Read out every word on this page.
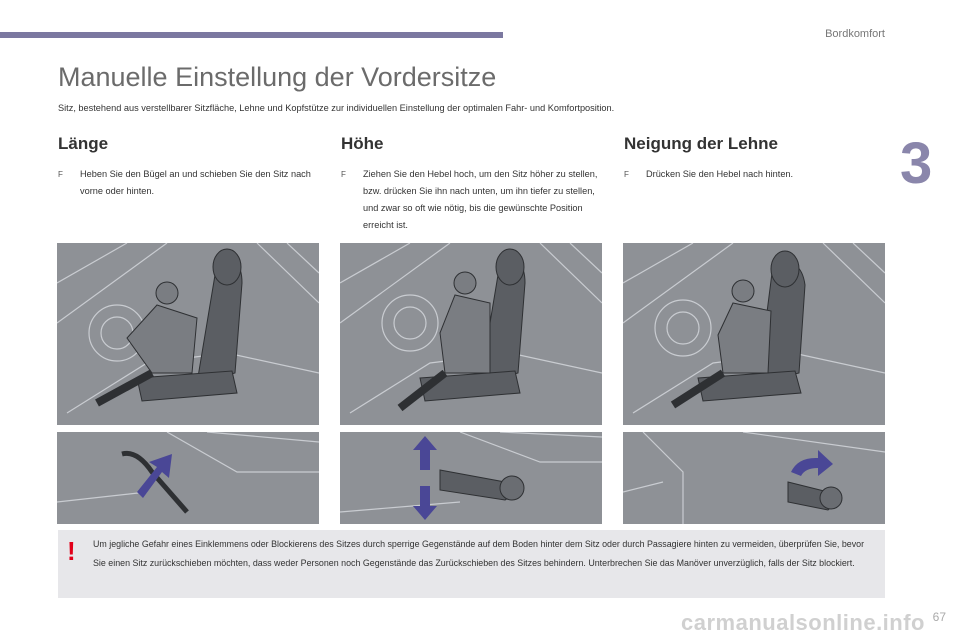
Bordkomfort
3
Manuelle Einstellung der Vordersitze
Sitz, bestehend aus verstellbarer Sitzfläche, Lehne und Kopfstütze zur individuellen Einstellung der optimalen Fahr- und Komfortposition.
Länge
F	Heben Sie den Bügel an und schieben Sie den Sitz nach vorne oder hinten.
Höhe
F	Ziehen Sie den Hebel hoch, um den Sitz höher zu stellen, bzw. drücken Sie ihn nach unten, um ihn tiefer zu stellen, und zwar so oft wie nötig, bis die gewünschte Position erreicht ist.
Neigung der Lehne
F	Drücken Sie den Hebel nach hinten.
! Um jegliche Gefahr eines Einklemmens oder Blockierens des Sitzes durch sperrige Gegenstände auf dem Boden hinter dem Sitz oder durch Passagiere hinten zu vermeiden, überprüfen Sie, bevor Sie einen Sitz zurückschieben möchten, dass weder Personen noch Gegenstände das Zurückschieben des Sitzes behindern. Unterbrechen Sie das Manöver unverzüglich, falls der Sitz blockiert.
carmanualsonline.info 67
